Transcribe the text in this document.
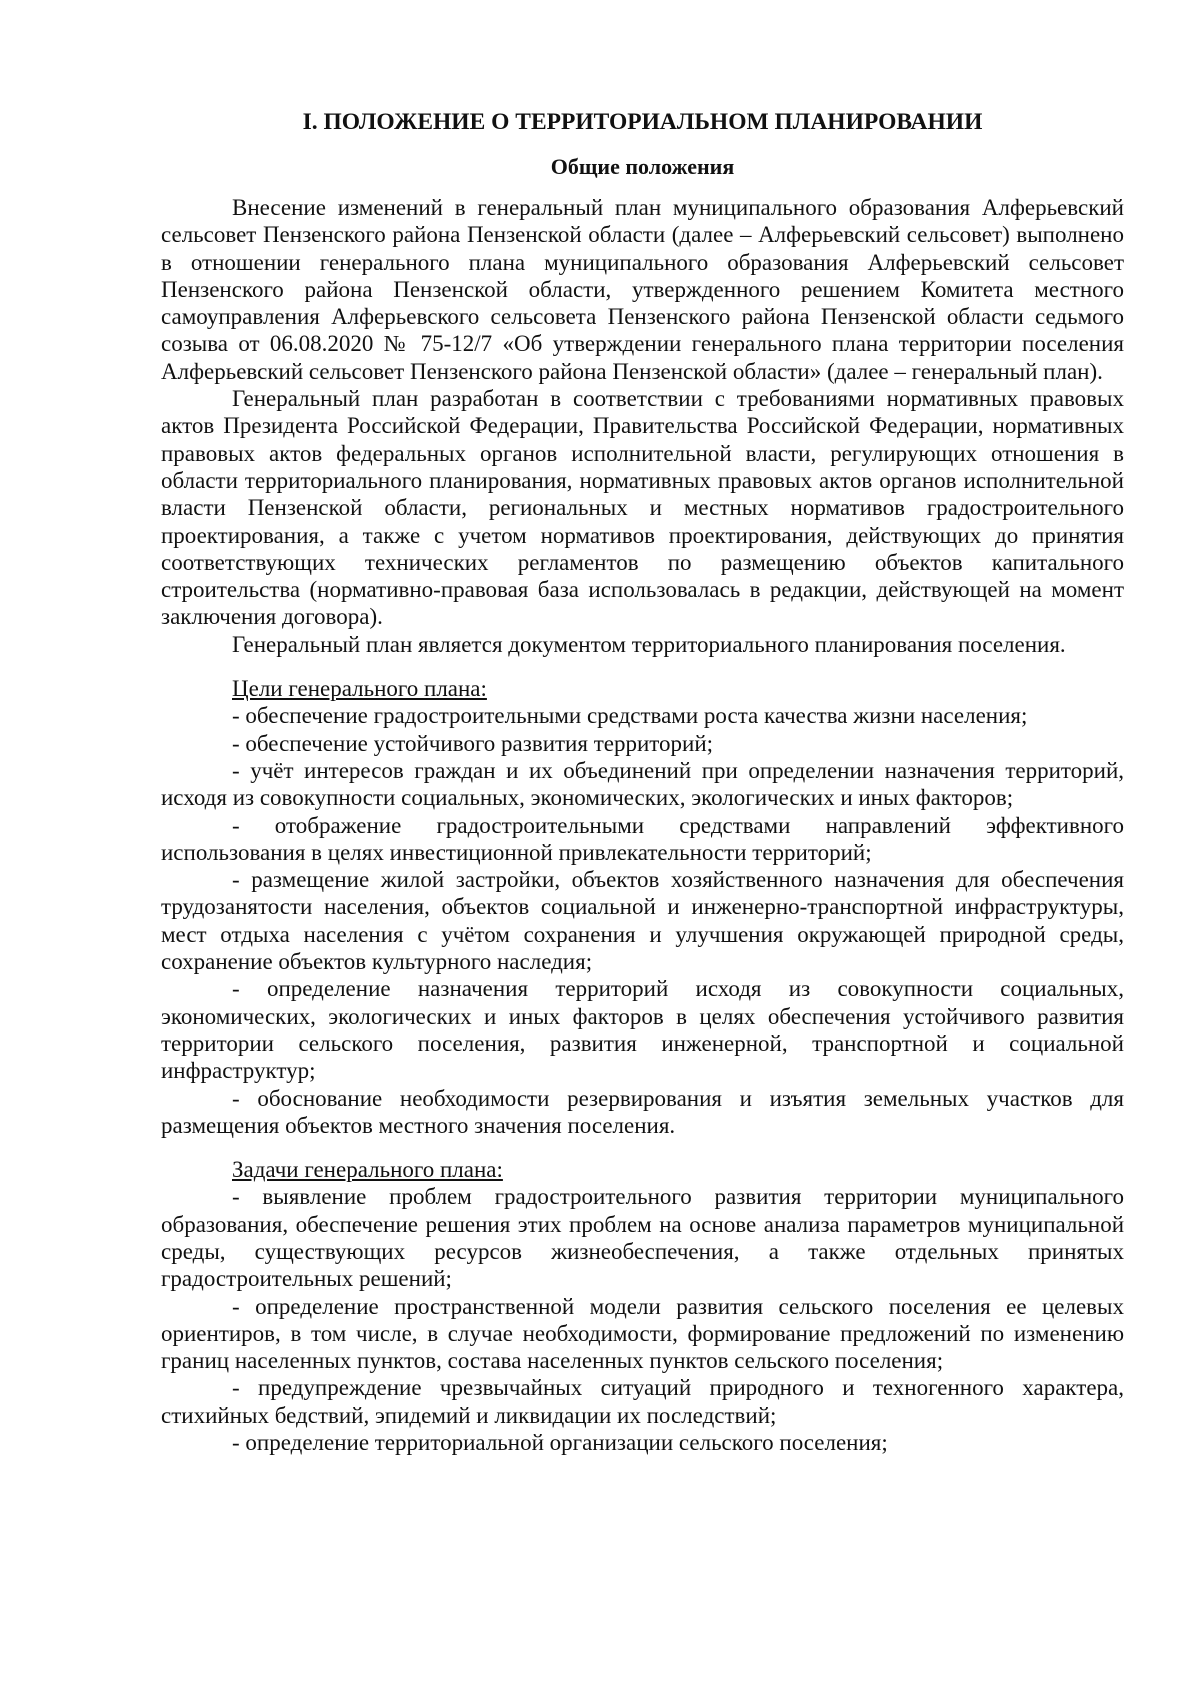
I. ПОЛОЖЕНИЕ О ТЕРРИТОРИАЛЬНОМ ПЛАНИРОВАНИИ
Общие положения

Внесение изменений в генеральный план муниципального образования Алферьевский сельсовет Пензенского района Пензенской области (далее – Алферьевский сельсовет) выполнено в отношении генерального плана муниципального образования Алферьевский сельсовет Пензенского района Пензенской области, утвержденного решением Комитета местного самоуправления Алферьевского сельсовета Пензенского района Пензенской области седьмого созыва от 06.08.2020 № 75-12/7 «Об утверждении генерального плана территории поселения Алферьевский сельсовет Пензенского района Пензенской области» (далее – генеральный план).

Генеральный план разработан в соответствии с требованиями нормативных правовых актов Президента Российской Федерации, Правительства Российской Федерации, нормативных правовых актов федеральных органов исполнительной власти, регулирующих отношения в области территориального планирования, нормативных правовых актов органов исполнительной власти Пензенской области, региональных и местных нормативов градостроительного проектирования, а также с учетом нормативов проектирования, действующих до принятия соответствующих технических регламентов по размещению объектов капитального строительства (нормативно-правовая база использовалась в редакции, действующей на момент заключения договора).

Генеральный план является документом территориального планирования поселения.

Цели генерального плана:

- обеспечение градостроительными средствами роста качества жизни населения;

- обеспечение устойчивого развития территорий;

- учёт интересов граждан и их объединений при определении назначения территорий, исходя из совокупности социальных, экономических, экологических и иных факторов;

- отображение градостроительными средствами направлений эффективного использования в целях инвестиционной привлекательности территорий;

- размещение жилой застройки, объектов хозяйственного назначения для обеспечения трудозанятости населения, объектов социальной и инженерно-транспортной инфраструктуры, мест отдыха населения с учётом сохранения и улучшения окружающей природной среды, сохранение объектов культурного наследия;

- определение назначения территорий исходя из совокупности социальных, экономических, экологических и иных факторов в целях обеспечения устойчивого развития территории сельского поселения, развития инженерной, транспортной и социальной инфраструктур;

- обоснование необходимости резервирования и изъятия земельных участков для размещения объектов местного значения поселения.

Задачи генерального плана:

- выявление проблем градостроительного развития территории муниципального образования, обеспечение решения этих проблем на основе анализа параметров муниципальной среды, существующих ресурсов жизнеобеспечения, а также отдельных принятых градостроительных решений;

- определение пространственной модели развития сельского поселения ее целевых ориентиров, в том числе, в случае необходимости, формирование предложений по изменению границ населенных пунктов, состава населенных пунктов сельского поселения;

- предупреждение чрезвычайных ситуаций природного и техногенного характера, стихийных бедствий, эпидемий и ликвидации их последствий;

- определение территориальной организации сельского поселения;
